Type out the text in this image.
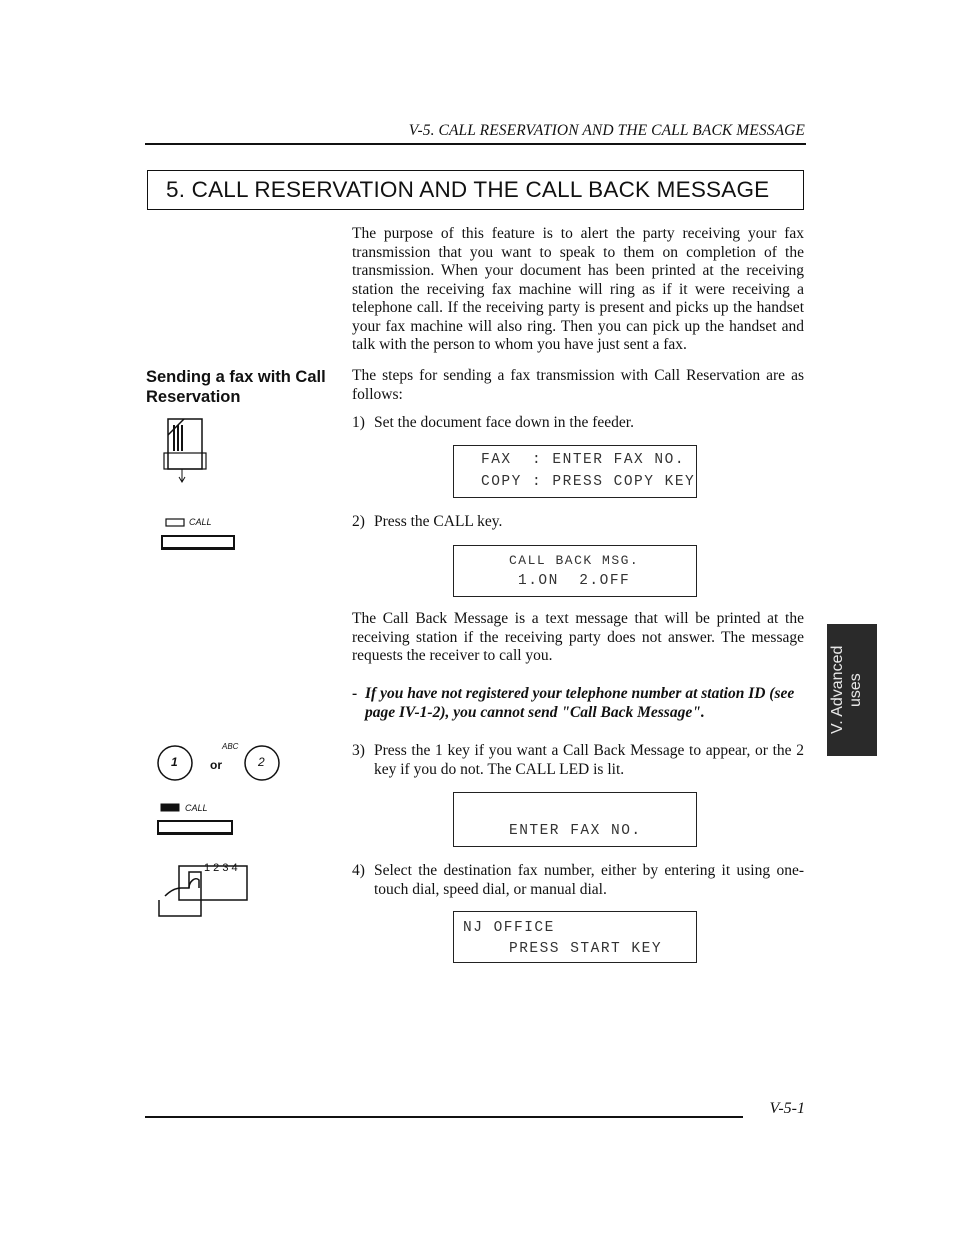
V-5. CALL RESERVATION AND THE CALL BACK MESSAGE
5. CALL RESERVATION AND THE CALL BACK MESSAGE
The purpose of this feature is to alert the party receiving your fax transmission that you want to speak to them on completion of the transmission. When your document has been printed at the receiving station the receiving fax machine will ring as if it were receiving a telephone call. If the receiving party is present and picks up the handset your fax machine will also ring. Then you can pick up the handset and talk with the person to whom you have just sent a fax.
Sending a fax with Call Reservation
The steps for sending a fax transmission with Call Reservation are as follows:
1) Set the document face down in the feeder.
FAX  : ENTER FAX NO.
COPY : PRESS COPY KEY
CALL	2) Press the CALL key.
CALL BACK MSG.
1.ON  2.OFF
The Call Back Message is a text message that will be printed at the receiving station if the receiving party does not answer. The message requests the receiver to call you.
- If you have not registered your telephone number at station ID (see page IV-1-2), you cannot send "Call Back Message".	V. Advanced uses
1	or
ABC
2
3) Press the 1 key if you want a Call Back Message to appear, or the 2 key if you do not. The CALL LED is lit.
CALL
ENTER FAX NO.
1 2 3 4	4) Select the destination fax number, either by entering it using one-touch dial, speed dial, or manual dial.
NJ OFFICE
PRESS START KEY
V-5-1
